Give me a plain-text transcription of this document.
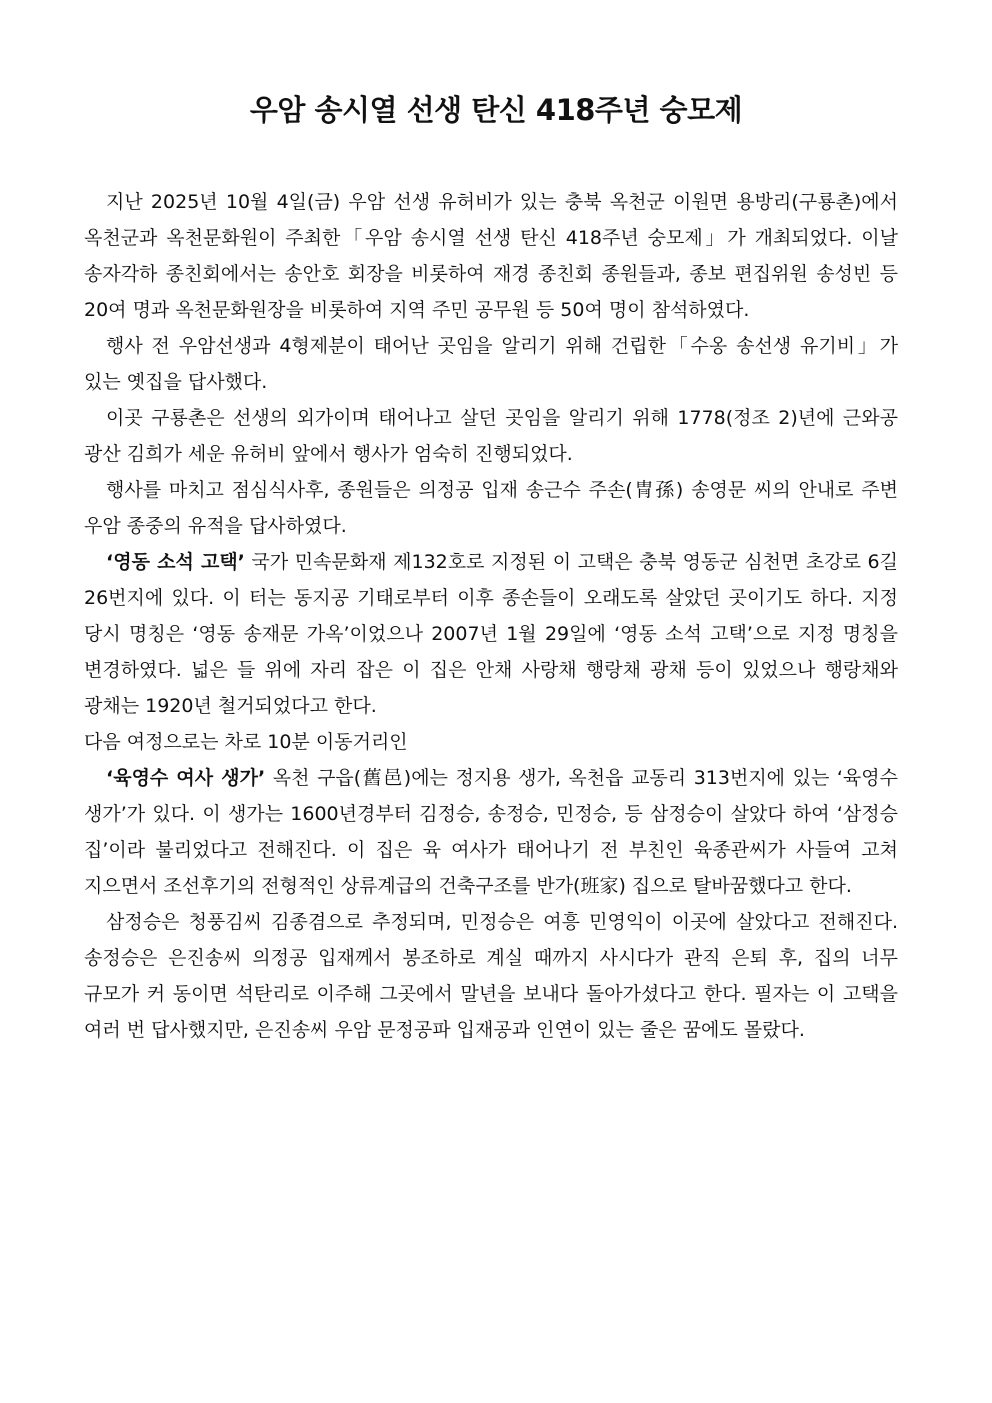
우암 송시열 선생 탄신 418주년 숭모제

지난 2025년 10월 4일(금) 우암 선생 유허비가 있는 충북 옥천군 이원면 용방리(구룡촌)에서 옥천군과 옥천문화원이 주최한「우암 송시열 선생 탄신 418주년 숭모제」가 개최되었다. 이날 송자각하 종친회에서는 송안호 회장을 비롯하여 재경 종친회 종원들과, 종보 편집위원 송성빈 등 20여 명과 옥천문화원장을 비롯하여 지역 주민 공무원 등 50여 명이 참석하였다.

행사 전 우암선생과 4형제분이 태어난 곳임을 알리기 위해 건립한「수옹 송선생 유기비」가 있는 옛집을 답사했다.

이곳 구룡촌은 선생의 외가이며 태어나고 살던 곳임을 알리기 위해 1778(정조 2)년에 근와공 광산 김희가 세운 유허비 앞에서 행사가 엄숙히 진행되었다.

행사를 마치고 점심식사후, 종원들은 의정공 입재 송근수 주손(冑孫) 송영문 씨의 안내로 주변 우암 종중의 유적을 답사하였다.

‘영동 소석 고택’ 국가 민속문화재 제132호로 지정된 이 고택은 충북 영동군 심천면 초강로 6길 26번지에 있다. 이 터는 동지공 기태로부터 이후 종손들이 오래도록 살았던 곳이기도 하다. 지정 당시 명칭은 ‘영동 송재문 가옥’이었으나 2007년 1월 29일에 ‘영동 소석 고택’으로 지정 명칭을 변경하였다. 넓은 들 위에 자리 잡은 이 집은 안채 사랑채 행랑채 광채 등이 있었으나 행랑채와 광채는 1920년 철거되었다고 한다.

다음 여정으로는 차로 10분 이동거리인

‘육영수 여사 생가’ 옥천 구읍(舊邑)에는 정지용 생가, 옥천읍 교동리 313번지에 있는 ‘육영수 생가’가 있다. 이 생가는 1600년경부터 김정승, 송정승, 민정승, 등 삼정승이 살았다 하여 ‘삼정승 집’이라 불리었다고 전해진다. 이 집은 육 여사가 태어나기 전 부친인 육종관씨가 사들여 고쳐 지으면서 조선후기의 전형적인 상류계급의 건축구조를 반가(班家) 집으로 탈바꿈했다고 한다.

삼정승은 청풍김씨 김종겸으로 추정되며, 민정승은 여흥 민영익이 이곳에 살았다고 전해진다. 송정승은 은진송씨 의정공 입재께서 봉조하로 계실 때까지 사시다가 관직 은퇴 후, 집의 너무 규모가 커 동이면 석탄리로 이주해 그곳에서 말년을 보내다 돌아가셨다고 한다. 필자는 이 고택을 여러 번 답사했지만, 은진송씨 우암 문정공파 입재공과 인연이 있는 줄은 꿈에도 몰랐다.
